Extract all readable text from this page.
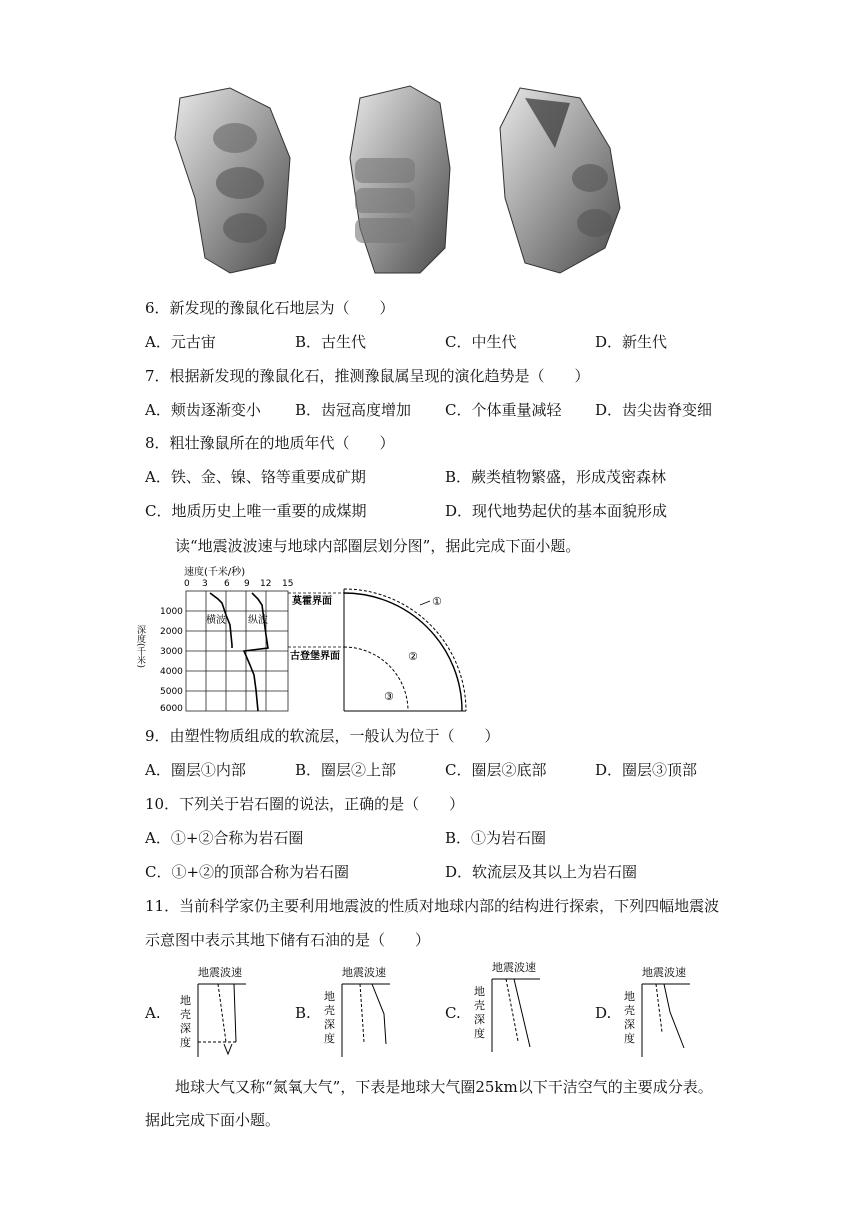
6．新发现的豫鼠化石地层为（　　）
A．元古宙	B．古生代	C．中生代	D．新生代
7．根据新发现的豫鼠化石，推测豫鼠属呈现的演化趋势是（　　）
A．颊齿逐渐变小 B．齿冠高度增加 C．个体重量减轻 D．齿尖齿脊变细
8．粗壮豫鼠所在的地质年代（　　）
A．铁、金、镍、铬等重要成矿期	B．蕨类植物繁盛，形成茂密森林
C．地质历史上唯一重要的成煤期	D．现代地势起伏的基本面貌形成
读“地震波波速与地球内部圈层划分图”，据此完成下面小题。
速度(千米/秒)
0 3 6 9 12 15
深度(千米)
1000
2000
3000
4000
5000
6000
横波 纵波
莫霍界面
古登堡界面
①
②
③
9．由塑性物质组成的软流层，一般认为位于（　　）
A．圈层①内部	B．圈层②上部	C．圈层②底部	D．圈层③顶部
10．下列关于岩石圈的说法，正确的是（　　）
A．①+②合称为岩石圈	B．①为岩石圈
C．①+②的顶部合称为岩石圈	D．软流层及其以上为岩石圈
11．当前科学家仍主要利用地震波的性质对地球内部的结构进行探索，下列四幅地震波
示意图中表示其地下储有石油的是（　　）
A.
地震波速
地
壳
深
度
B.
地震波速
地
壳
深
度
C.
地震波速
地
壳
深
度
D.
地震波速
地
壳
深
度
地球大气又称“氮氧大气”，下表是地球大气圈25km以下干洁空气的主要成分表。
据此完成下面小题。
